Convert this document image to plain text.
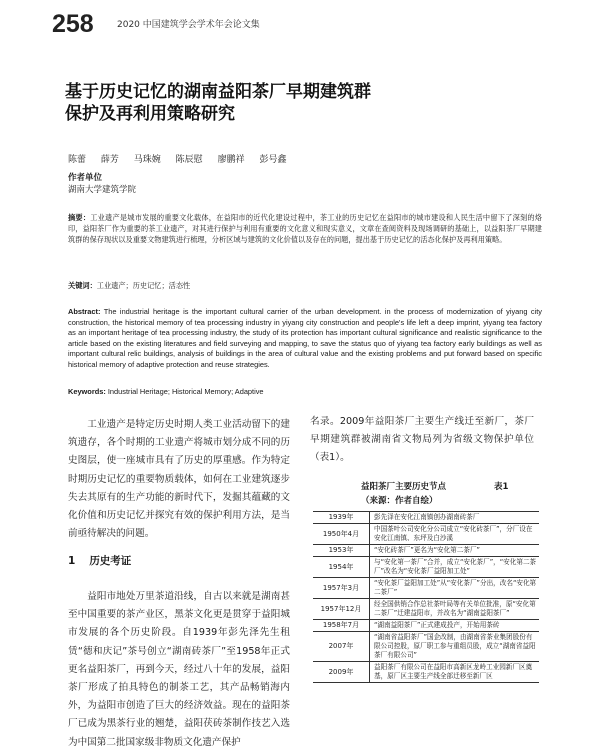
258	2020 中国建筑学会学术年会论文集
基于历史记忆的湖南益阳茶厂早期建筑群
保护及再利用策略研究
陈蕾 薛芳 马珠婉 陈辰慰 廖鹏祥 彭号鑫
作者单位
湖南大学建筑学院
摘要：工业遗产是城市发展的重要文化载体，在益阳市的近代化建设过程中，茶工业的历史记忆在益阳市的城市建设和人民生活中留下了深刻的烙印，益阳茶厂作为重要的茶工业遗产，对其进行保护与利用有重要的文化意义和现实意义，文章在查阅资料及现场调研的基础上，以益阳茶厂早期建筑群的保存现状以及重要文物建筑进行梳理，分析区域与建筑的文化价值以及存在的问题，提出基于历史记忆的活态化保护及再利用策略。
关键词：工业遗产；历史记忆；活态性
Abstract: The industrial heritage is the important cultural carrier of the urban development. in the process of modernization of yiyang city construction, the historical memory of tea processing industry in yiyang city construction and people's life left a deep imprint, yiyang tea factory as an important heritage of tea processing industry, the study of its protection has important cultural significance and realistic significance to the article based on the existing literatures and field surveying and mapping, to save the status quo of yiyang tea factory early buildings as well as important cultural relic buildings, analysis of buildings in the area of cultural value and the existing problems and put forward based on specific historical memory of adaptive protection and reuse strategies.
Keywords: Industrial Heritage; Historical Memory; Adaptive

工业遗产是特定历史时期人类工业活动留下的建筑遗存，各个时期的工业遗产将城市划分成不同的历史图层，使一座城市具有了历史的厚重感。作为特定时期历史记忆的重要物质载体，如何在工业建筑逐步失去其原有的生产功能的新时代下，发掘其蕴藏的文化价值和历史记忆并探究有效的保护利用方法，是当前亟待解决的问题。

1 历史考证

益阳市地处万里茶道沿线，自古以来就是湖南甚至中国重要的茶产业区，黑茶文化更是贯穿于益阳城市发展的各个历史阶段。自1939年彭先泽先生租赁“德和庆记”茶号创立“湖南砖茶厂”至1958年正式更名益阳茶厂，再到今天，经过八十年的发展，益阳茶厂形成了拍具特色的制茶工艺，其产品畅销海内外，为益阳市创造了巨大的经济效益。现在的益阳茶厂已成为黑茶行业的翘楚，益阳茯砖茶制作技艺入选为中国第二批国家级非物质文化遗产保护

名录。2009年益阳茶厂主要生产线迁至新厂，茶厂早期建筑群被湖南省文物局列为省级文物保护单位（表1）。

益阳茶厂主要历史节点	表1
（来源：作者自绘）
1939年	彭先泽在安化江南镇创办湖南砖茶厂
1950年4月	中国茶叶公司安化分公司成立“安化砖茶厂”，分厂设在安化江南镇、东坪及白沙溪
1953年	“安化砖茶厂”更名为“安化第二茶厂”
1954年	与“安化第一茶厂”合并，成立“安化茶厂”，“安化第二茶厂”改名为“安化茶厂益阳加工处”
1957年3月	“安化茶厂益阳加工处”从“安化茶厂”分出，改名“安化第二茶厂”
1957年12月	经全国供销合作总社茶叶局等有关单位批准，原“安化第二茶厂”迁建益阳市，并改名为“湖南益阳茶厂”
1958年7月	“湖南益阳茶厂”正式建成投产，开始用茶砖
2007年	“湖南省益阳茶厂”国企改制，由湖南省茶业集团股份有限公司控股，原厂职工参与重组员股，成立“湖南省益阳茶厂有限公司”
2009年	益阳茶厂有限公司在益阳市高新区龙岭工业园新厂区奠基，原厂区主要生产线全部迁移至新厂区
